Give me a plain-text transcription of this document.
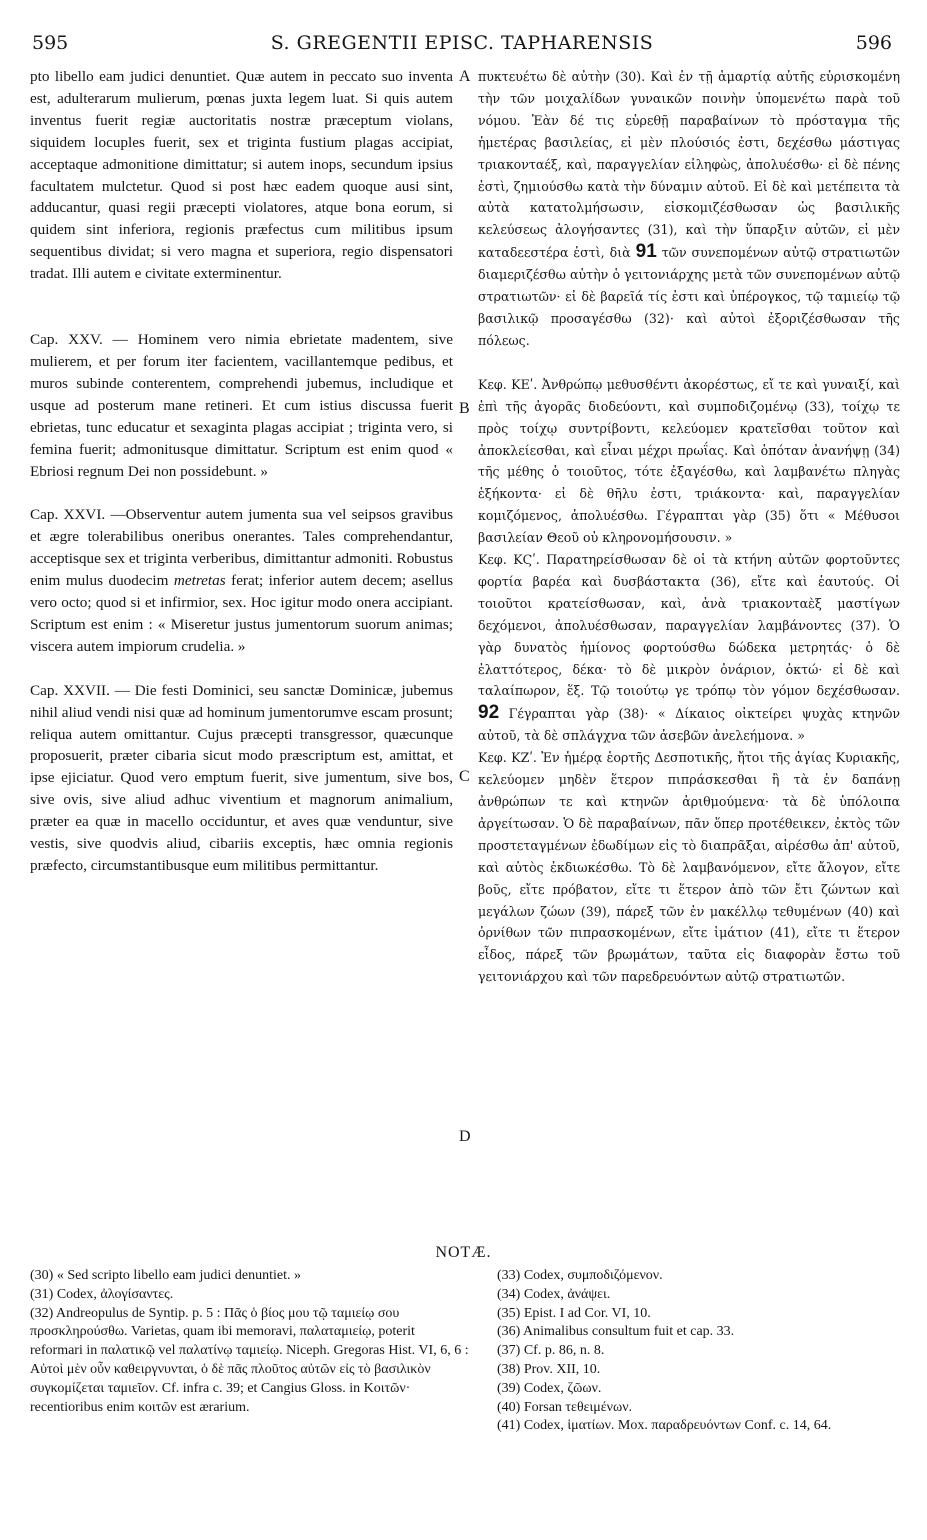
595	S. GREGENTII EPISC. TAPHARENSIS	596
A
B
C
D

pto libello eam judici denuntiet. Quæ autem in peccato suo inventa est, adulterarum mulierum, pœnas juxta legem luat. Si quis autem inventus fuerit regiæ auctoritatis nostræ præceptum violans, siquidem locuples fuerit, sex et triginta fustium plagas accipiat, acceptaque admonitione dimittatur; si autem inops, secundum ipsius facultatem mulctetur. Quod si post hæc eadem quoque ausi sint, adducantur, quasi regii præcepti violatores, atque bona eorum, si quidem sint inferiora, regionis præfectus cum militibus ipsum sequentibus dividat; si vero magna et superiora, regio dispensatori tradat. Illi autem e civitate exterminentur.

Cap. XXV. — Hominem vero nimia ebrietate madentem, sive mulierem, et per forum iter facientem, vacillantemque pedibus, et muros subinde conterentem, comprehendi jubemus, includique et usque ad posterum mane retineri. Et cum istius discussa fuerit ebrietas, tunc educatur et sexaginta plagas accipiat ; triginta vero, si femina fuerit; admonitusque dimittatur. Scriptum est enim quod « Ebriosi regnum Dei non possidebunt. »

Cap. XXVI. —Observentur autem jumenta sua vel seipsos gravibus et ægre tolerabilibus oneribus onerantes. Tales comprehendantur, acceptisque sex et triginta verberibus, dimittantur admoniti. Robustus enim mulus duodecim metretas ferat; inferior autem decem; asellus vero octo; quod si et infirmior, sex. Hoc igitur modo onera accipiant. Scriptum est enim : « Miseretur justus jumentorum suorum animas; viscera autem impiorum crudelia. »

Cap. XXVII. — Die festi Dominici, seu sanctæ Dominicæ, jubemus nihil aliud vendi nisi quæ ad hominum jumentorumve escam prosunt; reliqua autem omittantur. Cujus præcepti transgressor, quæcunque proposuerit, præter cibaria sicut modo præscriptum est, amittat, et ipse ejiciatur. Quod vero emptum fuerit, sive jumentum, sive bos, sive ovis, sive aliud adhuc viventium et magnorum animalium, præter ea quæ in macello occiduntur, et aves quæ venduntur, sive vestis, sive quodvis aliud, cibariis exceptis, hæc omnia regionis præfecto, circumstantibusque eum militibus permittantur.

πυκτευέτω δὲ αὐτὴν (30). Καὶ ἐν τῇ ἁμαρτίᾳ αὐτῆς εὑρισκομένη τὴν τῶν μοιχαλίδων γυναικῶν ποινὴν ὑπομενέτω παρὰ τοῦ νόμου. Ἐὰν δέ τις εὑρεθῇ παραβαίνων τὸ πρόσταγμα τῆς ἡμετέρας βασιλείας, εἰ μὲν πλούσιός ἐστι, δεχέσθω μάστιγας τριακονταέξ, καὶ, παραγγελίαν εἰληφὼς, ἀπολυέσθω· εἰ δὲ πένης ἐστὶ, ζημιούσθω κατὰ τὴν δύναμιν αὐτοῦ. Εἰ δὲ καὶ μετέπειτα τὰ αὐτὰ κατατολμήσωσιν, εἰσκομιζέσθωσαν ὡς βασιλικῆς κελεύσεως ἀλογήσαντες (31), καὶ τὴν ὕπαρξιν αὐτῶν, εἰ μὲν καταδεεστέρα ἐστὶ, διὰ 91 τῶν συνεπομένων αὐτῷ στρατιωτῶν διαμεριζέσθω αὐτὴν ὁ γειτονιάρχης μετὰ τῶν συνεπομένων αὐτῷ στρατιωτῶν· εἰ δὲ βαρεῖά τίς ἐστι καὶ ὑπέρογκος, τῷ ταμιείῳ τῷ βασιλικῷ προσαγέσθω (32)· καὶ αὐτοὶ ἐξοριζέσθωσαν τῆς πόλεως.

Κεφ. ΚΕʹ. Ἀνθρώπῳ μεθυσθέντι ἀκορέστως, εἴ τε καὶ γυναιξί, καὶ ἐπὶ τῆς ἀγορᾶς διοδεύοντι, καὶ συμποδιζομένῳ (33), τοίχῳ τε πρὸς τοίχῳ συντρίβοντι, κελεύομεν κρατεῖσθαι τοῦτον καὶ ἀποκλείεσθαι, καὶ εἶναι μέχρι πρωΐας. Καὶ ὁπόταν ἀνανήψῃ (34) τῆς μέθης ὁ τοιοῦτος, τότε ἐξαγέσθω, καὶ λαμβανέτω πληγὰς ἑξήκοντα· εἰ δὲ θῆλυ ἐστι, τριάκοντα· καὶ, παραγγελίαν κομιζόμενος, ἀπολυέσθω. Γέγραπται γὰρ (35) ὅτι « Μέθυσοι βασιλείαν Θεοῦ οὐ κληρονομήσουσιν. »

Κεφ. ΚϚʹ. Παρατηρείσθωσαν δὲ οἱ τὰ κτήνη αὐτῶν φορτοῦντες φορτία βαρέα καὶ δυσβάστακτα (36), εἴτε καὶ ἑαυτούς. Οἱ τοιοῦτοι κρατείσθωσαν, καὶ, ἀνὰ τριακονταὲξ μαστίγων δεχόμενοι, ἀπολυέσθωσαν, παραγγελίαν λαμβάνοντες (37). Ὁ γὰρ δυνατὸς ἡμίονος φορτούσθω δώδεκα μετρητάς· ὁ δὲ ἐλαττότερος, δέκα· τὸ δὲ μικρὸν ὀνάριον, ὀκτώ· εἰ δὲ καὶ ταλαίπωρον, ἕξ. Τῷ τοιούτῳ γε τρόπῳ τὸν γόμον δεχέσθωσαν. 92 Γέγραπται γὰρ (38)· « Δίκαιος οἰκτείρει ψυχὰς κτηνῶν αὐτοῦ, τὰ δὲ σπλάγχνα τῶν ἀσεβῶν ἀνελεήμονα. »

Κεφ. ΚΖʹ. Ἐν ἡμέρᾳ ἑορτῆς Δεσποτικῆς, ἤτοι τῆς ἁγίας Κυριακῆς, κελεύομεν μηδὲν ἕτερον πιπράσκεσθαι ἢ τὰ ἐν δαπάνῃ ἀνθρώπων τε καὶ κτηνῶν ἀριθμούμενα· τὰ δὲ ὑπόλοιπα ἀργείτωσαν. Ὁ δὲ παραβαίνων, πᾶν ὅπερ προτέθεικεν, ἐκτὸς τῶν προστεταγμένων ἐδωδίμων εἰς τὸ διαπρᾶξαι, αἱρέσθω ἀπ' αὐτοῦ, καὶ αὐτὸς ἐκδιωκέσθω. Τὸ δὲ λαμβανόμενον, εἴτε ἄλογον, εἴτε βοῦς, εἴτε πρόβατον, εἴτε τι ἕτερον ἀπὸ τῶν ἔτι ζώντων καὶ μεγάλων ζώων (39), πάρεξ τῶν ἐν μακέλλῳ τεθυμένων (40) καὶ ὀρνίθων τῶν πιπρασκομένων, εἴτε ἱμάτιον (41), εἴτε τι ἕτερον εἶδος, πάρεξ τῶν βρωμάτων, ταῦτα εἰς διαφορὰν ἔστω τοῦ γειτονιάρχου καὶ τῶν παρεδρευόντων αὐτῷ στρατιωτῶν.

NOTÆ.

(30) « Sed scripto libello eam judici denuntiet. »

(31) Codex, ἀλογίσαντες.

(32) Andreopulus de Syntip. p. 5 : Πᾶς ὁ βίος μου τῷ ταμιείῳ σου προσκληρούσθω. Varietas, quam ibi memoravi, παλαταμιείῳ, poterit reformari in παλατικῷ vel παλατίνῳ ταμιείῳ. Niceph. Gregoras Hist. VI, 6, 6 : Αὐτοὶ μὲν οὖν καθειργνυνται, ὁ δὲ πᾶς πλοῦτος αὐτῶν εἰς τὸ βασιλικὸν συγκομίζεται ταμιεῖον. Cf. infra c. 39; et Cangius Gloss. in Κοιτῶν· recentioribus enim κοιτῶν est ærarium.

(33) Codex, συμποδιζόμενον.

(34) Codex, ἀνάψει.

(35) Epist. I ad Cor. VI, 10.

(36) Animalibus consultum fuit et cap. 33.

(37) Cf. p. 86, n. 8.

(38) Prov. XII, 10.

(39) Codex, ζῶων.

(40) Forsan τεθειμένων.

(41) Codex, ἱματίων. Mox. παραδρευόντων Conf. c. 14, 64.
